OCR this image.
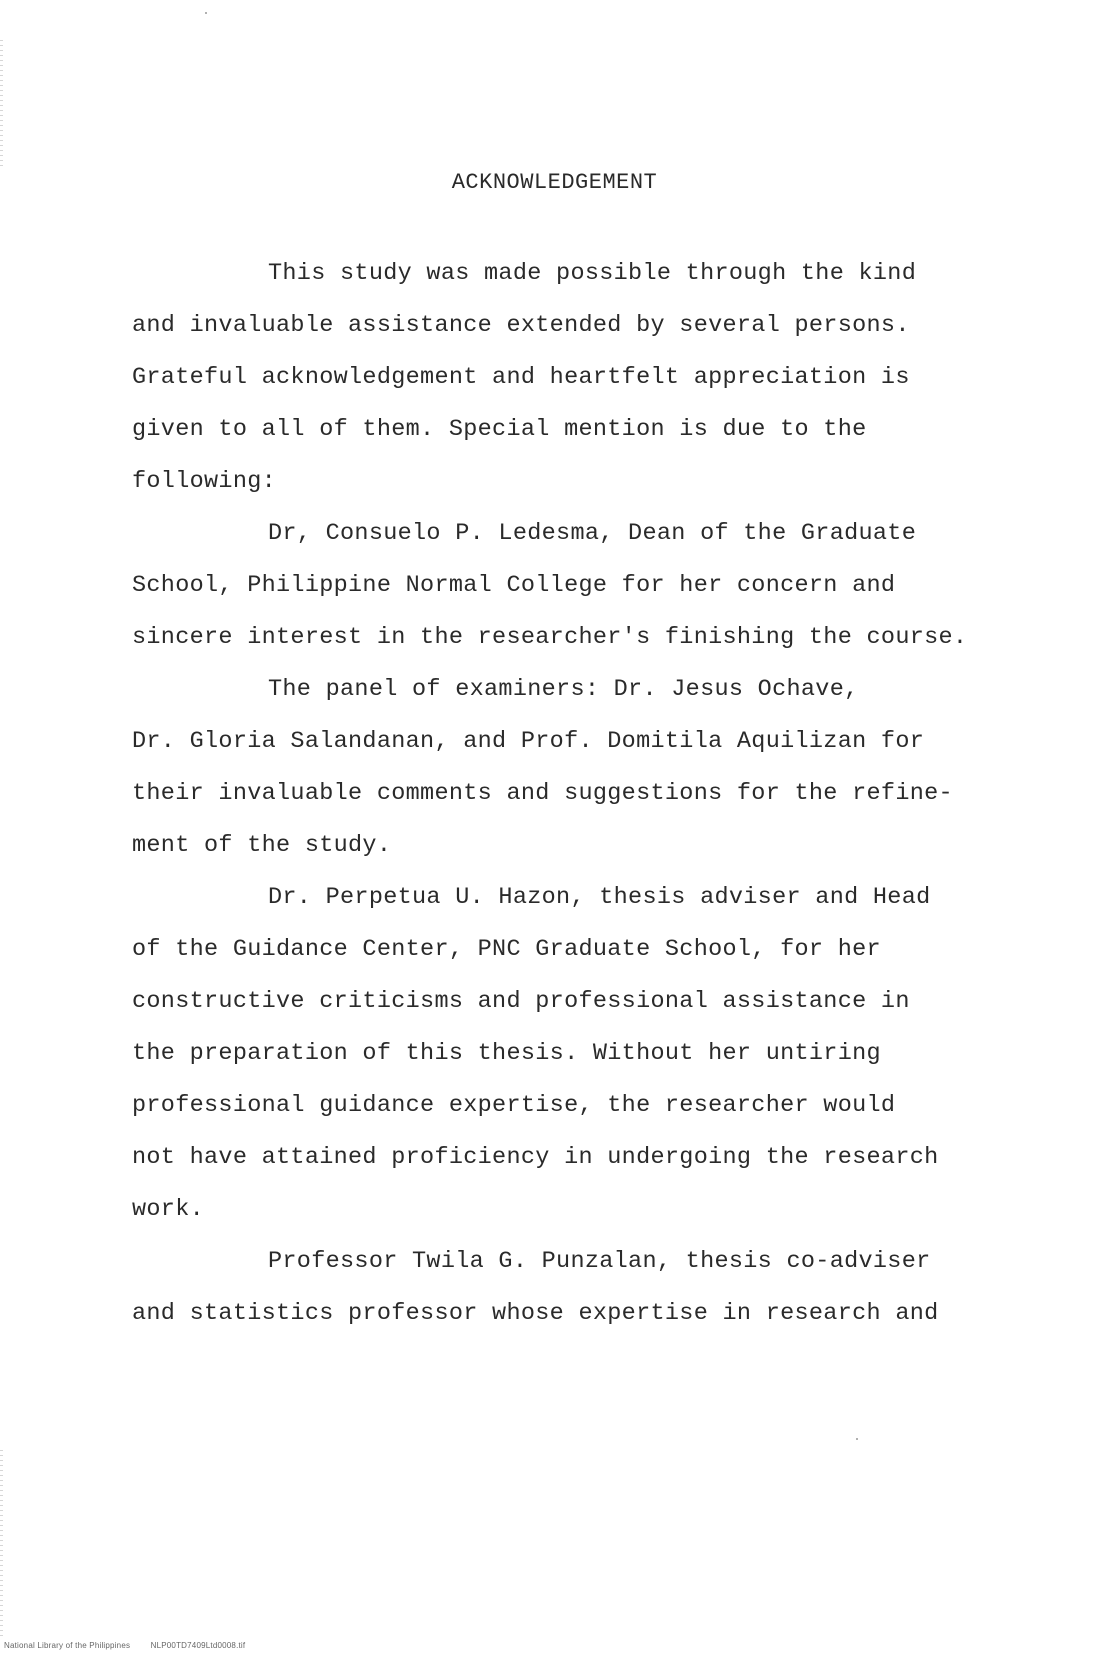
ACKNOWLEDGEMENT

This study was made possible through the kind
and invaluable assistance extended by several persons.
Grateful acknowledgement and heartfelt appreciation is
given to all of them. Special mention is due to the
following:

Dr, Consuelo P. Ledesma, Dean of the Graduate
School, Philippine Normal College for her concern and
sincere interest in the researcher's finishing the course.

The panel of examiners: Dr. Jesus Ochave,
Dr. Gloria Salandanan, and Prof. Domitila Aquilizan for
their invaluable comments and suggestions for the refine-
ment of the study.

Dr. Perpetua U. Hazon, thesis adviser and Head
of the Guidance Center, PNC Graduate School, for her
constructive criticisms and professional assistance in
the preparation of this thesis. Without her untiring
professional guidance expertise, the researcher would
not have attained proficiency in undergoing the research
work.

Professor Twila G. Punzalan, thesis co-adviser
and statistics professor whose expertise in research and

National Library of the Philippines	NLP00TD7409Ltd0008.tif
